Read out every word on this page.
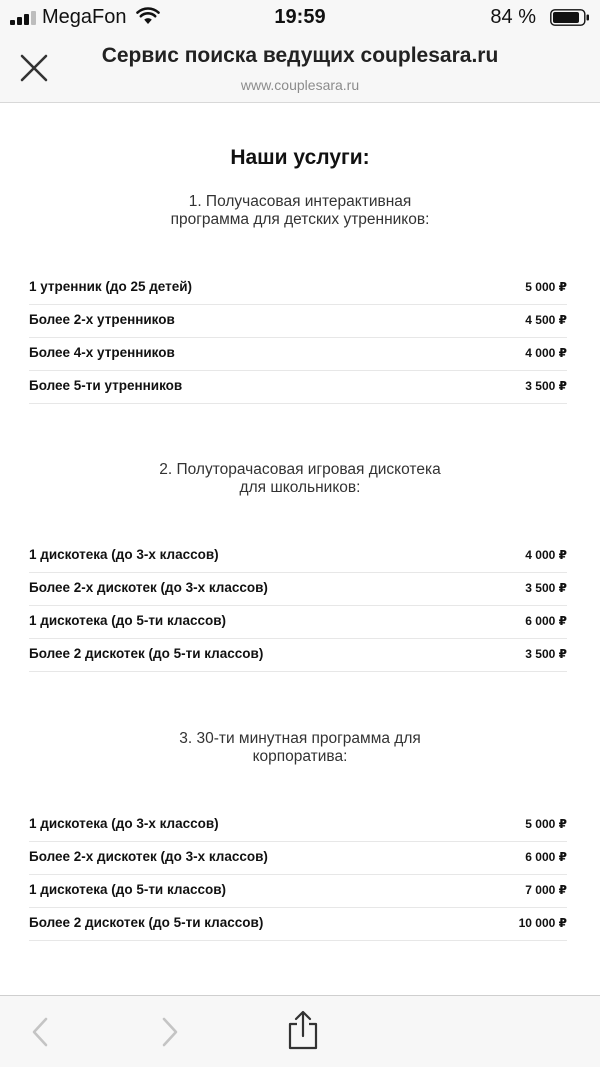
MegaFon	19:59	84 %
Сервис поиска ведущих couplesara.ru
www.couplesara.ru
Наши услуги:
1. Получасовая интерактивная
программа для детских утренников:
1 утренник (до 25 детей)	5 000 ₽
Более 2-х утренников	4 500 ₽
Более 4-х утренников	4 000 ₽
Более 5-ти утренников	3 500 ₽
2. Полуторачасовая игровая дискотека
для школьников:
1 дискотека (до 3-х классов)	4 000 ₽
Более 2-х дискотек (до 3-х классов)	3 500 ₽
1 дискотека (до 5-ти классов)	6 000 ₽
Более 2 дискотек (до 5-ти классов)	3 500 ₽
3. 30-ти минутная программа для
корпоратива:
1 дискотека (до 3-х классов)	5 000 ₽
Более 2-х дискотек (до 3-х классов)	6 000 ₽
1 дискотека (до 5-ти классов)	7 000 ₽
Более 2 дискотек (до 5-ти классов)	10 000 ₽
